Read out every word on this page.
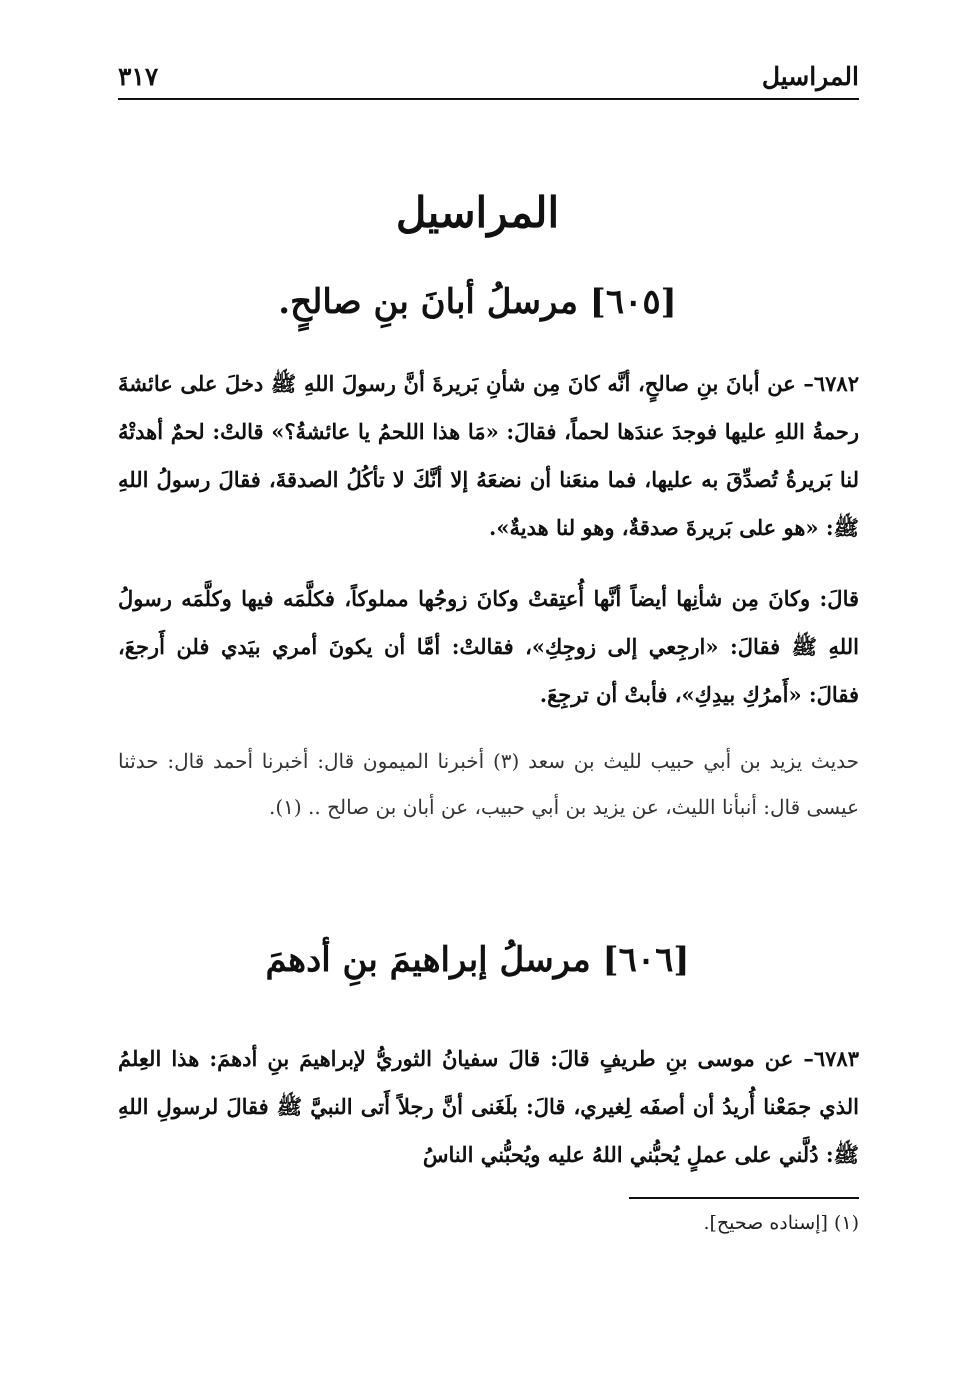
المراسيل
٣١٧
المراسيل
[٦٠٥] مرسلُ أبانَ بنِ صالحٍ.

٦٧٨٢– عن أبانَ بنِ صالحٍ، أنَّه كانَ مِن شأنِ بَريرةَ أنَّ رسولَ اللهِ ﷺ دخلَ على عائشةَ رحمةُ اللهِ عليها فوجدَ عندَها لحماً، فقالَ: «مَا هذا اللحمُ يا عائشةُ؟» قالتْ: لحمٌ أهدتْهُ لنا بَريرةُ تُصدِّقَ به عليها، فما منعَنا أن نضعَهُ إلا أنَّكَ لا تأكُلُ الصدقةَ، فقالَ رسولُ اللهِ ﷺ: «هو على بَريرةَ صدقةٌ، وهو لنا هديةٌ».

قالَ: وكانَ مِن شأنِها أيضاً أنَّها أُعتِقتْ وكانَ زوجُها مملوكاً، فكلَّمَه فيها وكلَّمَه رسولُ اللهِ ﷺ فقالَ: «ارجِعي إلى زوجِكِ»، فقالتْ: أمَّا أن يكونَ أمري بيَدي فلن أَرجعَ، فقالَ: «أَمرُكِ بيدِكِ»، فأبتْ أن ترجِعَ.

حديث يزيد بن أبي حبيب لليث بن سعد (٣) أخبرنا الميمون قال: أخبرنا أحمد قال: حدثنا عيسى قال: أنبأنا الليث، عن يزيد بن أبي حبيب، عن أبان بن صالح .. (١).

[٦٠٦] مرسلُ إبراهيمَ بنِ أدهمَ

٦٧٨٣– عن موسى بنِ طريفٍ قالَ: قالَ سفيانُ الثوريُّ لإبراهيمَ بنِ أدهمَ: هذا العِلمُ الذي جمَعْنا أُريدُ أن أصفَه لِغيري، قالَ: بلَغَنى أنَّ رجلاً أَتى النبيَّ ﷺ فقالَ لرسولِ اللهِ ﷺ: دُلَّني على عملٍ يُحبُّني اللهُ عليه ويُحبُّني الناسُ

(١) [إسناده صحيح].
